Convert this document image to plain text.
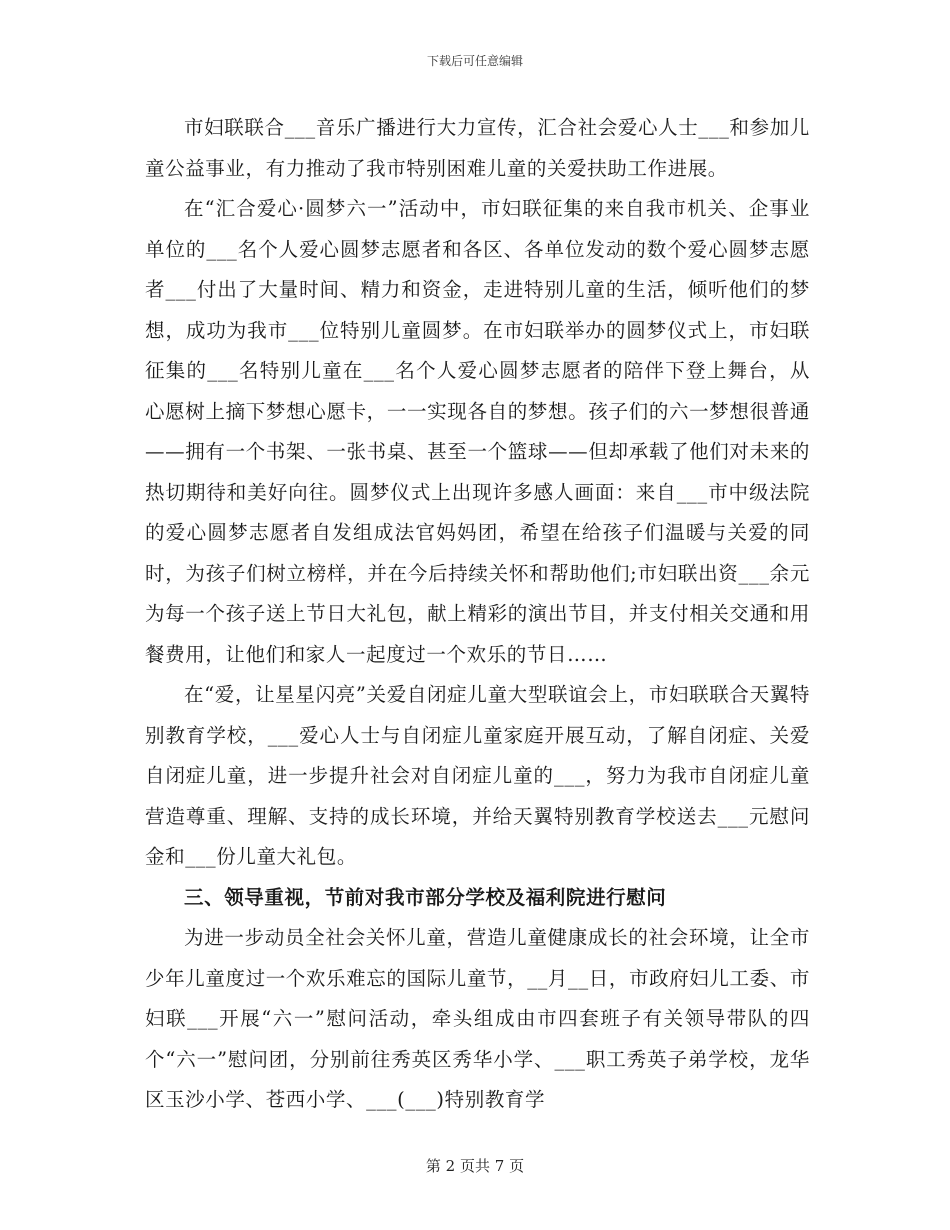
下载后可任意编辑

市妇联联合___音乐广播进行大力宣传，汇合社会爱心人士___和参加儿童公益事业，有力推动了我市特别困难儿童的关爱扶助工作进展。

在“汇合爱心·圆梦六一”活动中，市妇联征集的来自我市机关、企事业单位的___名个人爱心圆梦志愿者和各区、各单位发动的数个爱心圆梦志愿者___付出了大量时间、精力和资金，走进特别儿童的生活，倾听他们的梦想，成功为我市___位特别儿童圆梦。在市妇联举办的圆梦仪式上，市妇联征集的___名特别儿童在___名个人爱心圆梦志愿者的陪伴下登上舞台，从心愿树上摘下梦想心愿卡，一一实现各自的梦想。孩子们的六一梦想很普通——拥有一个书架、一张书桌、甚至一个篮球——但却承载了他们对未来的热切期待和美好向往。圆梦仪式上出现许多感人画面：来自___市中级法院的爱心圆梦志愿者自发组成法官妈妈团，希望在给孩子们温暖与关爱的同时，为孩子们树立榜样，并在今后持续关怀和帮助他们;市妇联出资___余元为每一个孩子送上节日大礼包，献上精彩的演出节目，并支付相关交通和用餐费用，让他们和家人一起度过一个欢乐的节日……

在“爱，让星星闪亮”关爱自闭症儿童大型联谊会上，市妇联联合天翼特别教育学校，___爱心人士与自闭症儿童家庭开展互动，了解自闭症、关爱自闭症儿童，进一步提升社会对自闭症儿童的___，努力为我市自闭症儿童营造尊重、理解、支持的成长环境，并给天翼特别教育学校送去___元慰问金和___份儿童大礼包。

三、领导重视，节前对我市部分学校及福利院进行慰问

为进一步动员全社会关怀儿童，营造儿童健康成长的社会环境，让全市少年儿童度过一个欢乐难忘的国际儿童节，__月__日，市政府妇儿工委、市妇联___开展“六一”慰问活动，牵头组成由市四套班子有关领导带队的四个“六一”慰问团，分别前往秀英区秀华小学、___职工秀英子弟学校，龙华区玉沙小学、苍西小学、___(___)特别教育学

第 2 页共 7 页
